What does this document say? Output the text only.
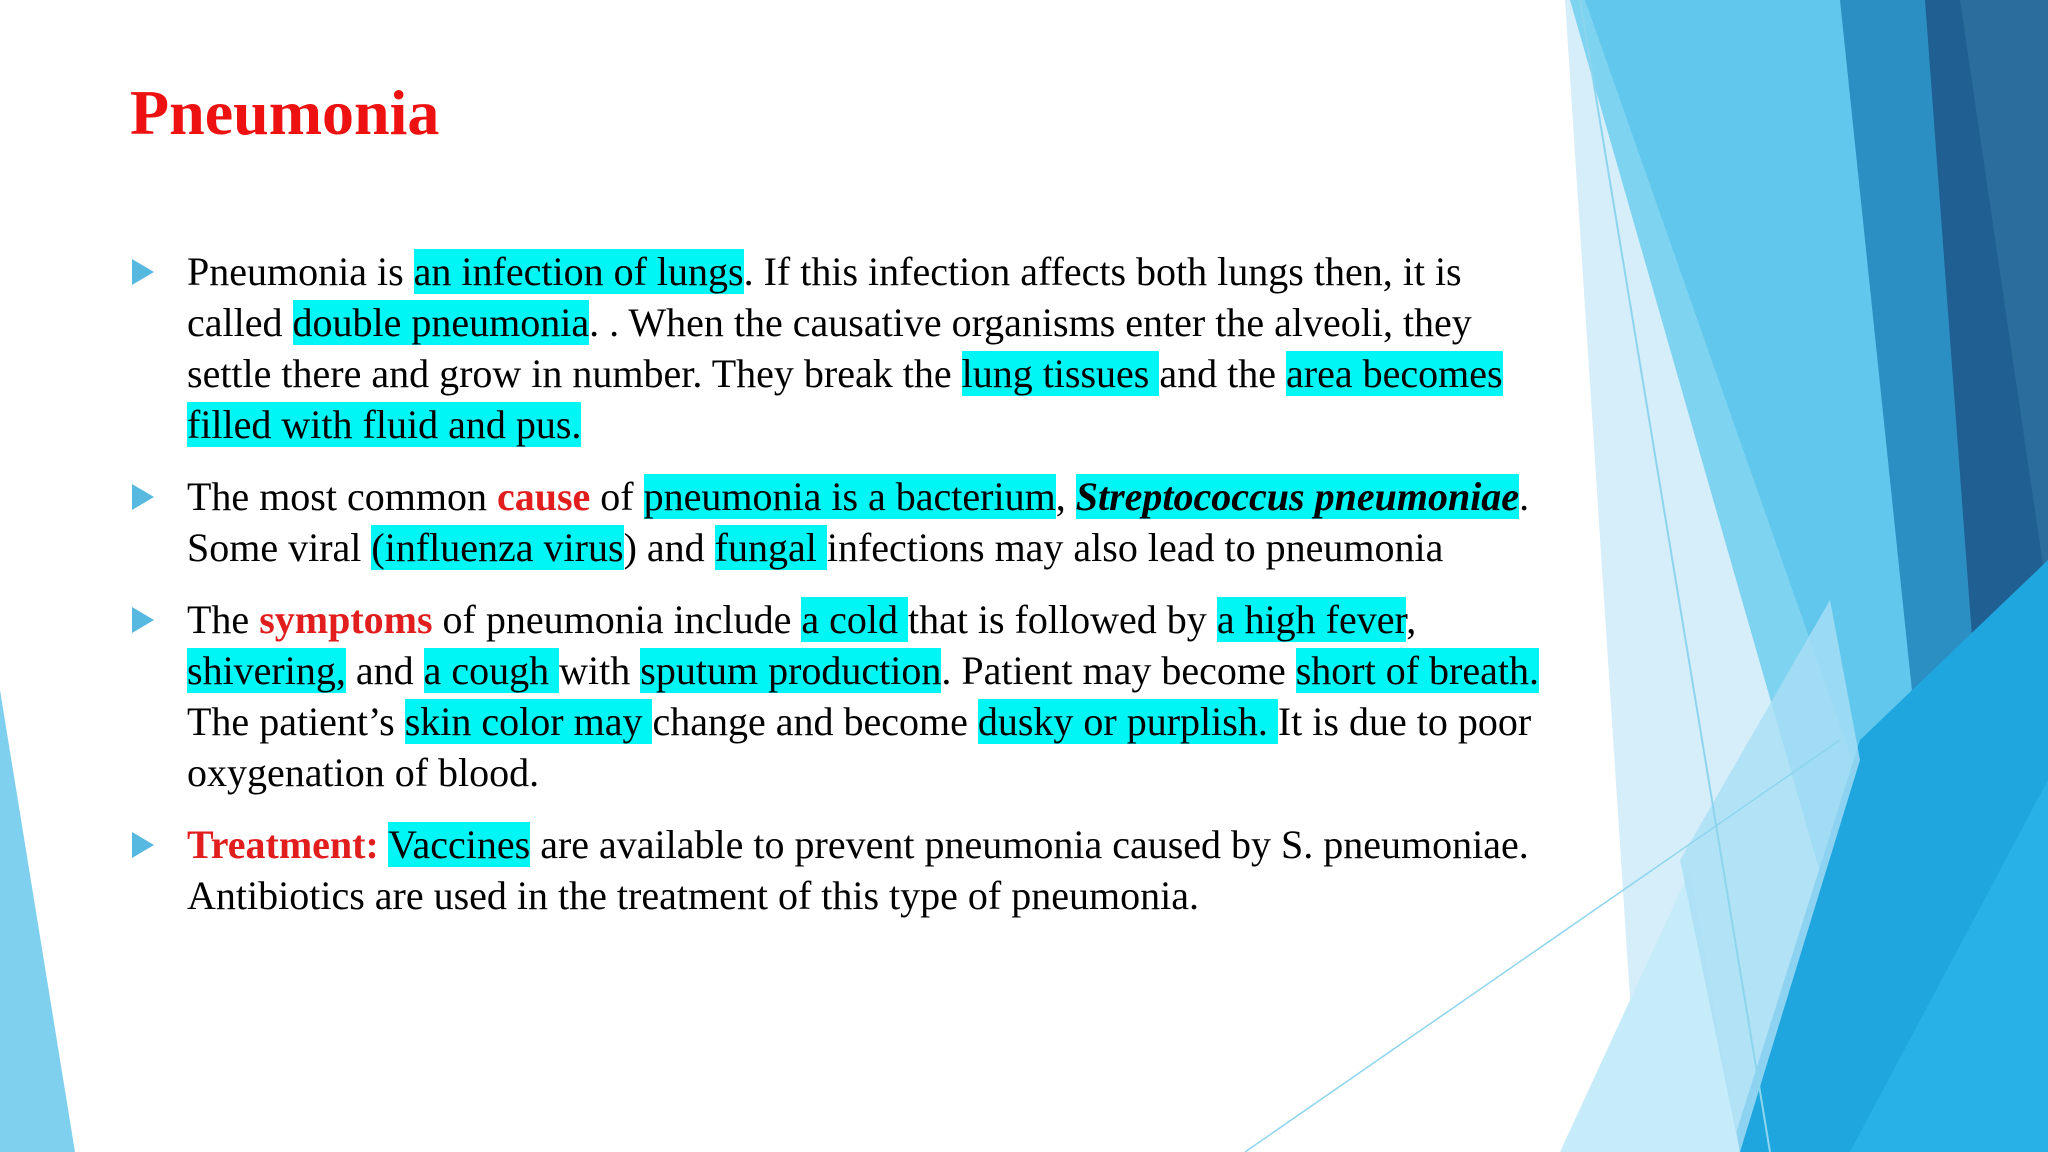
Pneumonia
Pneumonia is an infection of lungs. If this infection affects both lungs then, it is called double pneumonia. . When the causative organisms enter the alveoli, they settle there and grow in number. They break the lung tissues and the area becomes filled with fluid and pus.
The most common cause of pneumonia is a bacterium, Streptococcus pneumoniae. Some viral (influenza virus) and fungal infections may also lead to pneumonia
The symptoms of pneumonia include a cold that is followed by a high fever, shivering, and a cough with sputum production. Patient may become short of breath. The patient’s skin color may change and become dusky or purplish. It is due to poor oxygenation of blood.
Treatment: Vaccines are available to prevent pneumonia caused by S. pneumoniae. Antibiotics are used in the treatment of this type of pneumonia.
